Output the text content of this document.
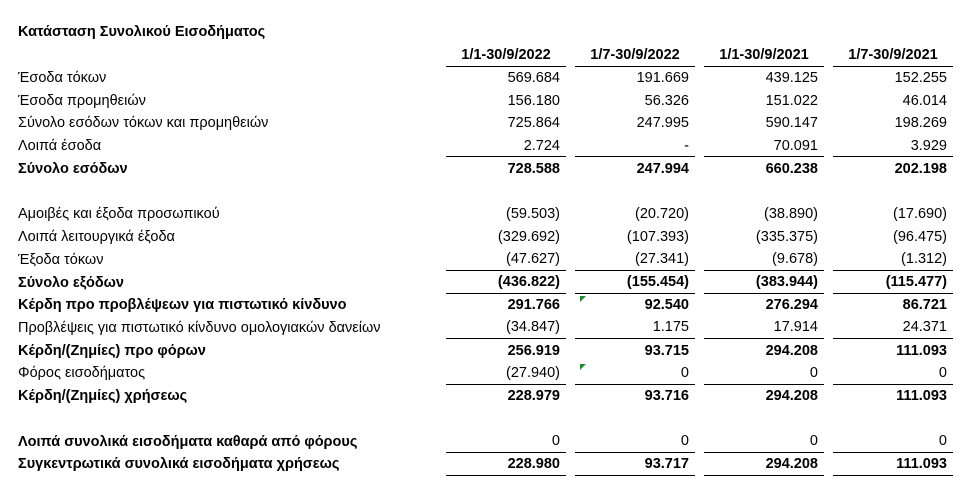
Κατάσταση Συνολικού Εισοδήματος
	1/1-30/9/2022		1/7-30/9/2022		1/1-30/9/2021		1/7-30/9/2021
Έσοδα τόκων	569.684		191.669		439.125		152.255
Έσοδα προμηθειών	156.180		56.326		151.022		46.014
Σύνολο εσόδων τόκων και προμηθειών	725.864		247.995		590.147		198.269
Λοιπά έσοδα	2.724		-		70.091		3.929
Σύνολο εσόδων	728.588		247.994		660.238		202.198

Αμοιβές και έξοδα προσωπικού	(59.503)		(20.720)		(38.890)		(17.690)
Λοιπά λειτουργικά έξοδα	(329.692)		(107.393)		(335.375)		(96.475)
Έξοδα τόκων	(47.627)		(27.341)		(9.678)		(1.312)
Σύνολο εξόδων	(436.822)		(155.454)		(383.944)		(115.477)
Κέρδη προ προβλέψεων για πιστωτικό κίνδυνο	291.766		92.540		276.294		86.721
Προβλέψεις για πιστωτικό κίνδυνο ομολογιακών δανείων	(34.847)		1.175		17.914		24.371
Κέρδη/(Ζημίες) προ φόρων	256.919		93.715		294.208		111.093
Φόρος εισοδήματος	(27.940)		0		0		0
Κέρδη/(Ζημίες) χρήσεως	228.979		93.716		294.208		111.093

Λοιπά συνολικά εισοδήματα καθαρά από φόρους	0		0		0		0
Συγκεντρωτικά συνολικά εισοδήματα χρήσεως	228.980		93.717		294.208		111.093
